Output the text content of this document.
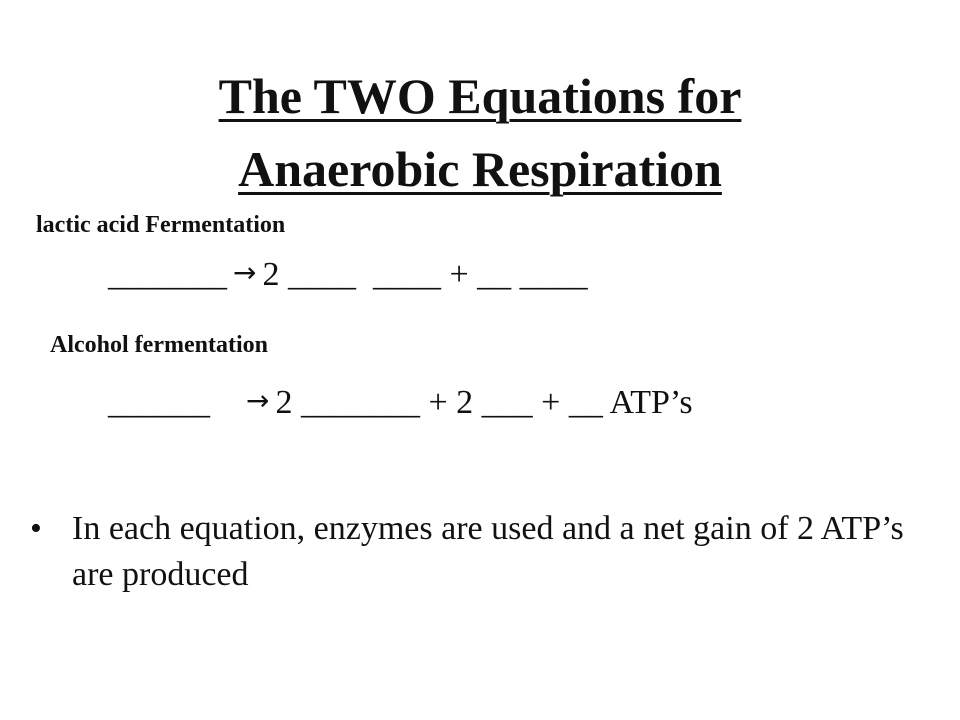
The TWO Equations for
Anaerobic Respiration
lactic acid Fermentation
_______ → 2 ____  ____ + __ ____
Alcohol fermentation
______ → 2 _______ + 2 ___ + __ ATP’s
• In each equation, enzymes are used and a net gain of 2 ATP’s are produced
